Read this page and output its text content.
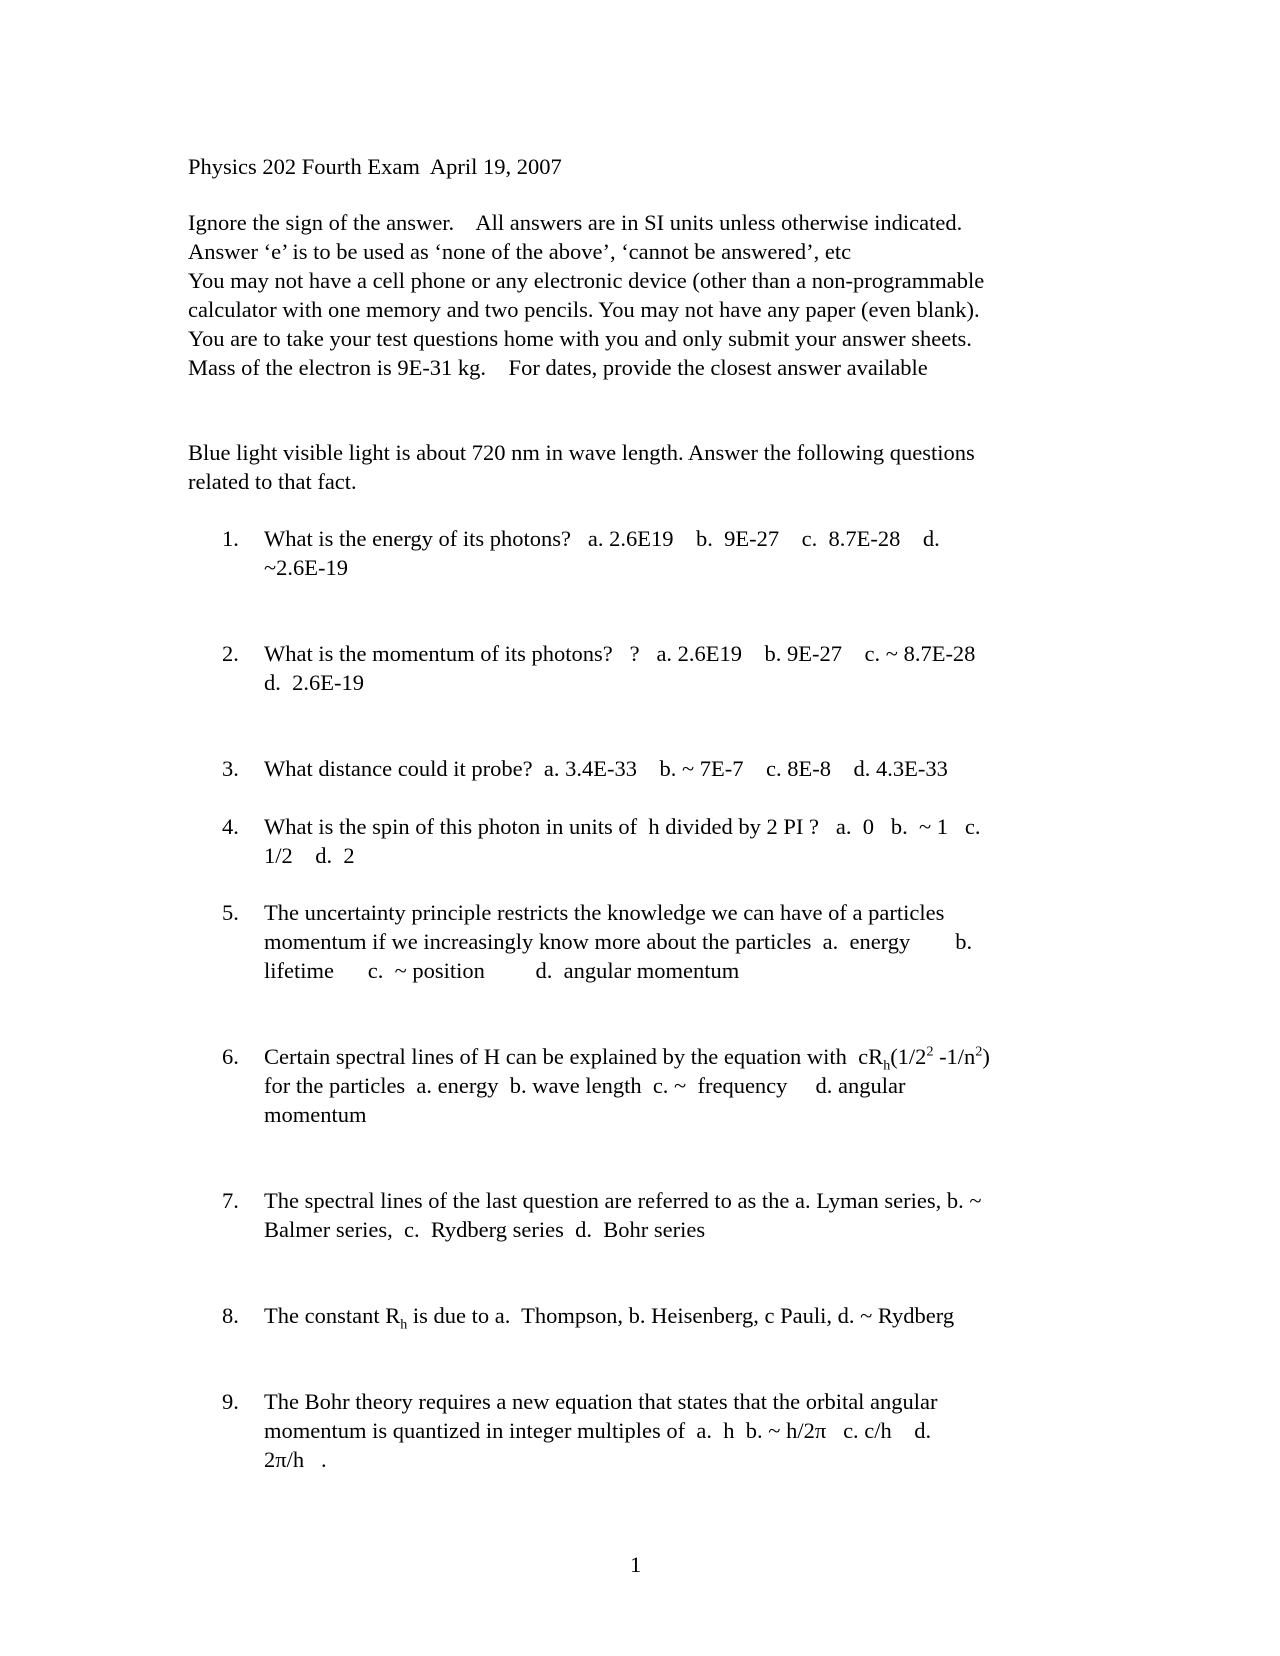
Physics 202 Fourth Exam  April 19, 2007
Ignore the sign of the answer.    All answers are in SI units unless otherwise indicated.
Answer ‘e’ is to be used as ‘none of the above’, ‘cannot be answered’, etc
You may not have a cell phone or any electronic device (other than a non-programmable
calculator with one memory and two pencils. You may not have any paper (even blank).
You are to take your test questions home with you and only submit your answer sheets.
Mass of the electron is 9E-31 kg.    For dates, provide the closest answer available
Blue light visible light is about 720 nm in wave length. Answer the following questions
related to that fact.
1.	What is the energy of its photons?   a. 2.6E19    b.  9E-27    c.  8.7E-28    d.
~2.6E-19
2.	What is the momentum of its photons?   ?   a. 2.6E19    b. 9E-27    c. ~ 8.7E-28
d.  2.6E-19
3.	What distance could it probe?  a. 3.4E-33    b. ~ 7E-7    c. 8E-8    d. 4.3E-33
4.	What is the spin of this photon in units of  h divided by 2 PI ?   a.  0   b.  ~ 1   c.
1/2    d.  2
5.	The uncertainty principle restricts the knowledge we can have of a particles
momentum if we increasingly know more about the particles  a.  energy        b.
lifetime      c.  ~ position         d.  angular momentum
6.	Certain spectral lines of H can be explained by the equation with  $cR_h(1/2^2$ $-1/n^2$)
for the particles  a. energy  b. wave length  c. ~  frequency     d. angular
momentum
7.	The spectral lines of the last question are referred to as the a. Lyman series, b. ~
Balmer series,  c.  Rydberg series  d.  Bohr series
8.	The constant $R_h$ is due to a.  Thompson, b. Heisenberg, c Pauli, d. ~ Rydberg
9.	The Bohr theory requires a new equation that states that the orbital angular
momentum is quantized in integer multiples of  a.  h  b. ~ h/2π   c. c/h    d.
2π/h   .
1
